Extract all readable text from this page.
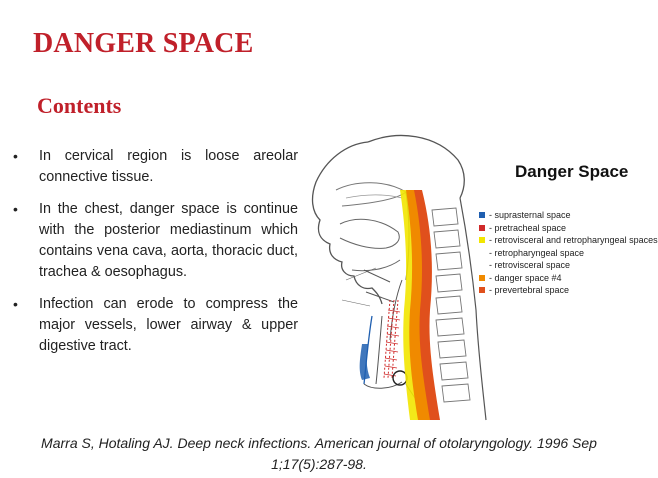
DANGER SPACE
Contents
• In cervical region is loose areolar connective tissue.
• In the chest, danger space is continue with the posterior mediastinum which contains vena cava, aorta, thoracic duct, trachea & oesophagus.
• Infection can erode to compress the major vessels, lower airway & upper digestive tract.
Danger Space
- suprasternal space
- pretracheal space
- retrovisceral and retropharyngeal spaces
- retropharyngeal space
- retrovisceral space
- danger space #4
- prevertebral space
Marra S, Hotaling AJ. Deep neck infections. American journal of otolaryngology. 1996 Sep 1;17(5):287-98.
